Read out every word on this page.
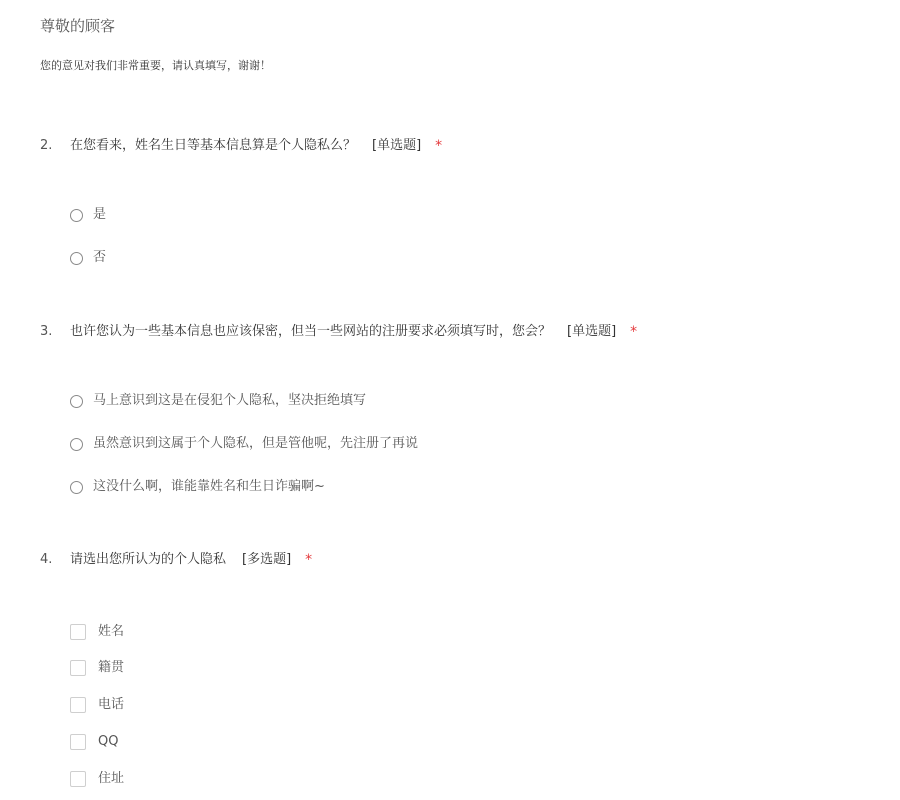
尊敬的顾客
您的意见对我们非常重要，请认真填写，谢谢！
2.	在您看来，姓名生日等基本信息算是个人隐私么？ [单选题] *
是
否
3.	也许您认为一些基本信息也应该保密，但当一些网站的注册要求必须填写时，您会？ [单选题] *
马上意识到这是在侵犯个人隐私，坚决拒绝填写
虽然意识到这属于个人隐私，但是管他呢，先注册了再说
这没什么啊，谁能靠姓名和生日诈骗啊~
4.	请选出您所认为的个人隐私 [多选题] *
姓名
籍贯
电话
QQ
住址
